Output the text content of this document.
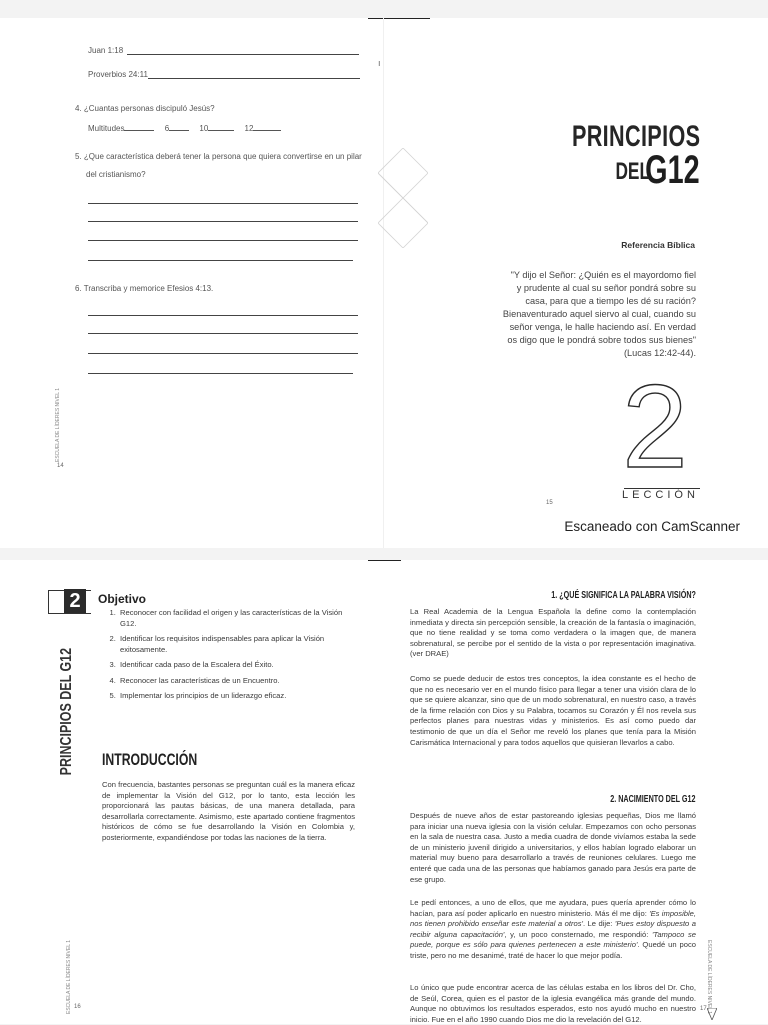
Juan 1:18
Proverbios 24:11
ı
4. ¿Cuantas personas discipuló Jesús?
Multitudes	6	10	12
5. ¿Que característica deberá tener la persona que quiera convertirse en un pilar
del cristianismo?
6. Transcriba y memorice Efesios 4:13.
ESCUELA DE LÍDERES NIVEL 1
14
PRINCIPIOS
G12
DEL
Referencia Bíblica
"Y dijo el Señor: ¿Quién es el mayordomo fiel
y prudente al cual su señor pondrá sobre su
casa, para que a tiempo les dé su ración?
Bienaventurado aquel siervo al cual, cuando su
señor venga, le halle haciendo así. En verdad
os digo que le pondrá sobre todos sus bienes"
(Lucas 12:42-44).
2
LECCIÓN
15
Escaneado con CamScanner
2
PRINCIPIOS DEL G12
Objetivo
1. Reconocer con facilidad el origen y las características de la Visión G12.
2. Identificar los requisitos indispensables para aplicar la Visión exitosamente.
3. Identificar cada paso de la Escalera del Éxito.
4. Reconocer las características de un Encuentro.
5. Implementar los principios de un liderazgo eficaz.
INTRODUCCIÓN
Con frecuencia, bastantes personas se preguntan cuál es la manera eficaz de implementar la Visión del G12, por lo tanto, esta lección les proporcionará las pautas básicas, de una manera detallada, para desarrollarla correctamente. Asimismo, este apartado contiene fragmentos históricos de cómo se fue desarrollando la Visión en Colombia y, posteriormente, expandiéndose por todas las naciones de la tierra.
ESCUELA DE LÍDERES NIVEL 1 16
1. ¿QUÉ SIGNIFICA LA PALABRA VISIÓN?
La Real Academia de la Lengua Española la define como la contemplación inmediata y directa sin percepción sensible, la creación de la fantasía o imaginación, que no tiene realidad y se toma como verdadera o la imagen que, de manera sobrenatural, se percibe por el sentido de la vista o por representación imaginativa. (ver DRAE)
Como se puede deducir de estos tres conceptos, la idea constante es el hecho de que no es necesario ver en el mundo físico para llegar a tener una visión clara de lo que se quiere alcanzar, sino que de un modo sobrenatural, en nuestro caso, a través de la firme relación con Dios y su Palabra, tocamos su Corazón y Él nos revela sus perfectos planes para nuestras vidas y ministerios. Es así como puedo dar testimonio de que un día el Señor me reveló los planes que tenía para la Misión Carismática Internacional y para todos aquellos que quisieran llevarlos a cabo.
2. NACIMIENTO DEL G12
Después de nueve años de estar pastoreando iglesias pequeñas, Dios me llamó para iniciar una nueva iglesia con la visión celular. Empezamos con ocho personas en la sala de nuestra casa. Justo a media cuadra de donde vivíamos estaba la sede de un ministerio juvenil dirigido a universitarios, y ellos habían logrado elaborar un material muy bueno para desarrollarlo a través de reuniones celulares. Luego me enteré que cada una de las personas que habíamos ganado para Jesús era parte de ese grupo.
Le pedí entonces, a uno de ellos, que me ayudara, pues quería aprender cómo lo hacían, para así poder aplicarlo en nuestro ministerio. Más él me dijo: 'Es imposible, nos tienen prohibido enseñar este material a otros'. Le dije: 'Pues estoy dispuesto a recibir alguna capacitación', y, un poco consternado, me respondió: 'Tampoco se puede, porque es sólo para quienes pertenecen a este ministerio'. Quedé un poco triste, pero no me desanimé, traté de hacer lo que mejor podía.
Lo único que pude encontrar acerca de las células estaba en los libros del Dr. Cho, de Seúl, Corea, quien es el pastor de la iglesia evangélica más grande del mundo. Aunque no obtuvimos los resultados esperados, esto nos ayudó mucho en nuestro inicio. Fue en el año 1990 cuando Dios me dio la revelación del G12.
ESCUELA DE LÍDERES NIVEL 1
17
